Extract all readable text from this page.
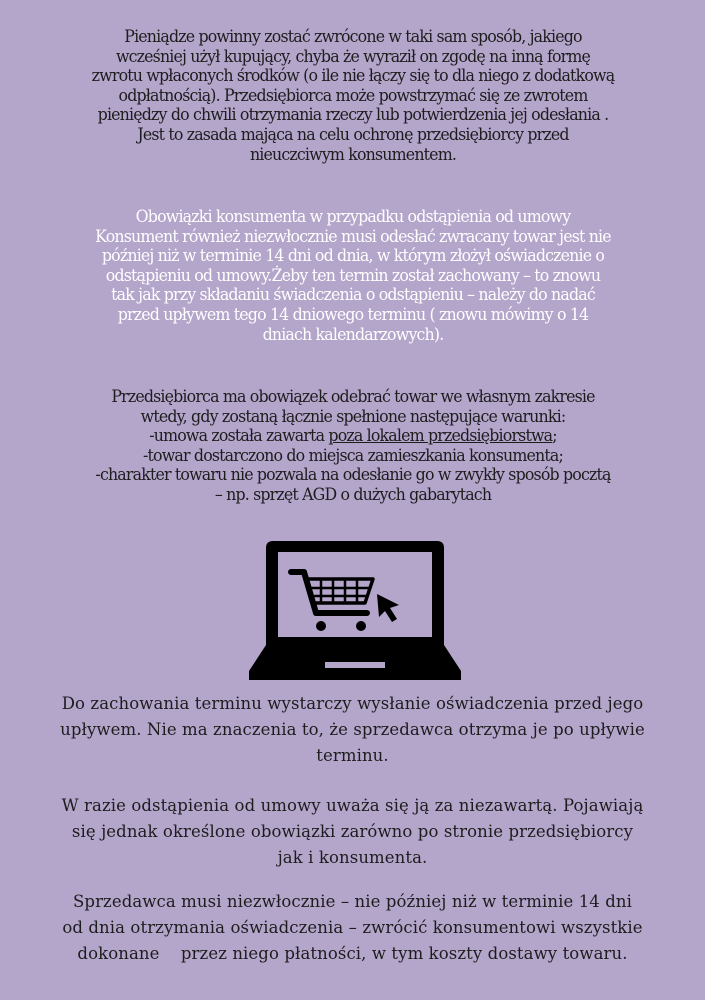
Pieniądze powinny zostać zwrócone w taki sam sposób, jakiego
wcześniej użył kupujący, chyba że wyraził on zgodę na inną formę
zwrotu wpłaconych środków (o ile nie łączy się to dla niego z dodatkową
odpłatnością). Przedsiębiorca może powstrzymać się ze zwrotem
pieniędzy do chwili otrzymania rzeczy lub potwierdzenia jej odesłania .
Jest to zasada mająca na celu ochronę przedsiębiorcy przed
nieuczciwym konsumentem.
Obowiązki konsumenta w przypadku odstąpienia od umowy
Konsument również niezwłocznie musi odesłać zwracany towar jest nie
później niż w terminie 14 dni od dnia, w którym złożył oświadczenie o
odstąpieniu od umowy.Żeby ten termin został zachowany – to znowu
tak jak przy składaniu świadczenia o odstąpieniu – należy do nadać
przed upływem tego 14 dniowego terminu ( znowu mówimy o 14
dniach kalendarzowych).
Przedsiębiorca ma obowiązek odebrać towar we własnym zakresie
wtedy, gdy zostaną łącznie spełnione następujące warunki:
-umowa została zawarta poza lokalem przedsiębiorstwa;
-towar dostarczono do miejsca zamieszkania konsumenta;
-charakter towaru nie pozwala na odesłanie go w zwykły sposób pocztą
– np. sprzęt AGD o dużych gabarytach
Do zachowania terminu wystarczy wysłanie oświadczenia przed jego
upływem. Nie ma znaczenia to, że sprzedawca otrzyma je po upływie
terminu.
W razie odstąpienia od umowy uważa się ją za niezawartą. Pojawiają
się jednak określone obowiązki zarówno po stronie przedsiębiorcy
jak i konsumenta.
Sprzedawca musi niezwłocznie – nie później niż w terminie 14 dni
od dnia otrzymania oświadczenia – zwrócić konsumentowi wszystkie
dokonane    przez niego płatności, w tym koszty dostawy towaru.
